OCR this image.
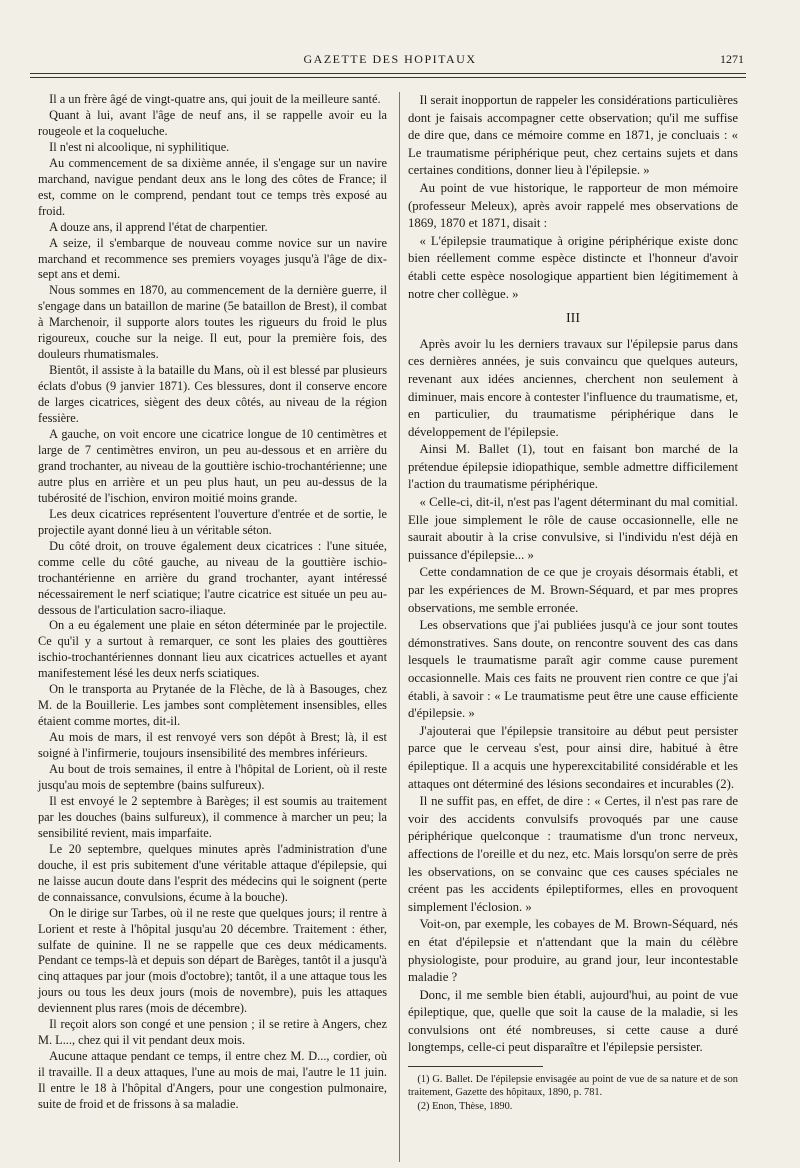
GAZETTE DES HOPITAUX	1271

Il a un frère âgé de vingt-quatre ans, qui jouit de la meilleure santé.

Quant à lui, avant l'âge de neuf ans, il se rappelle avoir eu la rougeole et la coqueluche.

Il n'est ni alcoolique, ni syphilitique.

Au commencement de sa dixième année, il s'engage sur un navire marchand, navigue pendant deux ans le long des côtes de France; il est, comme on le comprend, pendant tout ce temps très exposé au froid.

A douze ans, il apprend l'état de charpentier.

A seize, il s'embarque de nouveau comme novice sur un navire marchand et recommence ses premiers voyages jusqu'à l'âge de dix-sept ans et demi.

Nous sommes en 1870, au commencement de la dernière guerre, il s'engage dans un bataillon de marine (5e bataillon de Brest), il combat à Marchenoir, il supporte alors toutes les rigueurs du froid le plus rigoureux, couche sur la neige. Il eut, pour la première fois, des douleurs rhumatismales.

Bientôt, il assiste à la bataille du Mans, où il est blessé par plusieurs éclats d'obus (9 janvier 1871). Ces blessures, dont il conserve encore de larges cicatrices, siègent des deux côtés, au niveau de la région fessière.

A gauche, on voit encore une cicatrice longue de 10 centimètres et large de 7 centimètres environ, un peu au-dessous et en arrière du grand trochanter, au niveau de la gouttière ischio-trochantérienne; une autre plus en arrière et un peu plus haut, un peu au-dessus de la tubérosité de l'ischion, environ moitié moins grande.

Les deux cicatrices représentent l'ouverture d'entrée et de sortie, le projectile ayant donné lieu à un véritable séton.

Du côté droit, on trouve également deux cicatrices : l'une située, comme celle du côté gauche, au niveau de la gouttière ischio-trochantérienne en arrière du grand trochanter, ayant intéressé nécessairement le nerf sciatique; l'autre cicatrice est située un peu au-dessous de l'articulation sacro-iliaque.

On a eu également une plaie en séton déterminée par le projectile. Ce qu'il y a surtout à remarquer, ce sont les plaies des gouttières ischio-trochantériennes donnant lieu aux cicatrices actuelles et ayant manifestement lésé les deux nerfs sciatiques.

On le transporta au Prytanée de la Flèche, de là à Basouges, chez M. de la Bouillerie. Les jambes sont complètement insensibles, elles étaient comme mortes, dit-il.

Au mois de mars, il est renvoyé vers son dépôt à Brest; là, il est soigné à l'infirmerie, toujours insensibilité des membres inférieurs.

Au bout de trois semaines, il entre à l'hôpital de Lorient, où il reste jusqu'au mois de septembre (bains sulfureux).

Il est envoyé le 2 septembre à Barèges; il est soumis au traitement par les douches (bains sulfureux), il commence à marcher un peu; la sensibilité revient, mais imparfaite.

Le 20 septembre, quelques minutes après l'administration d'une douche, il est pris subitement d'une véritable attaque d'épilepsie, qui ne laisse aucun doute dans l'esprit des médecins qui le soignent (perte de connaissance, convulsions, écume à la bouche).

On le dirige sur Tarbes, où il ne reste que quelques jours; il rentre à Lorient et reste à l'hôpital jusqu'au 20 décembre. Traitement : éther, sulfate de quinine. Il ne se rappelle que ces deux médicaments. Pendant ce temps-là et depuis son départ de Barèges, tantôt il a jusqu'à cinq attaques par jour (mois d'octobre); tantôt, il a une attaque tous les jours ou tous les deux jours (mois de novembre), puis les attaques deviennent plus rares (mois de décembre).

Il reçoit alors son congé et une pension ; il se retire à Angers, chez M. L..., chez qui il vit pendant deux mois.

Aucune attaque pendant ce temps, il entre chez M. D..., cordier, où il travaille. Il a deux attaques, l'une au mois de mai, l'autre le 11 juin. Il entre le 18 à l'hôpital d'Angers, pour une congestion pulmonaire, suite de froid et de frissons à sa maladie.

Il serait inopportun de rappeler les considérations particulières dont je faisais accompagner cette observation; qu'il me suffise de dire que, dans ce mémoire comme en 1871, je concluais : « Le traumatisme périphérique peut, chez certains sujets et dans certaines conditions, donner lieu à l'épilepsie. »

Au point de vue historique, le rapporteur de mon mémoire (professeur Meleux), après avoir rappelé mes observations de 1869, 1870 et 1871, disait :

« L'épilepsie traumatique à origine périphérique existe donc bien réellement comme espèce distincte et l'honneur d'avoir établi cette espèce nosologique appartient bien légitimement à notre cher collègue. »

III

Après avoir lu les derniers travaux sur l'épilepsie parus dans ces dernières années, je suis convaincu que quelques auteurs, revenant aux idées anciennes, cherchent non seulement à diminuer, mais encore à contester l'influence du traumatisme, et, en particulier, du traumatisme périphérique dans le développement de l'épilepsie.

Ainsi M. Ballet (1), tout en faisant bon marché de la prétendue épilepsie idiopathique, semble admettre difficilement l'action du traumatisme périphérique.

« Celle-ci, dit-il, n'est pas l'agent déterminant du mal comitial. Elle joue simplement le rôle de cause occasionnelle, elle ne saurait aboutir à la crise convulsive, si l'individu n'est déjà en puissance d'épilepsie... »

Cette condamnation de ce que je croyais désormais établi, et par les expériences de M. Brown-Séquard, et par mes propres observations, me semble erronée.

Les observations que j'ai publiées jusqu'à ce jour sont toutes démonstratives. Sans doute, on rencontre souvent des cas dans lesquels le traumatisme paraît agir comme cause purement occasionnelle. Mais ces faits ne prouvent rien contre ce que j'ai établi, à savoir : « Le traumatisme peut être une cause efficiente d'épilepsie. »

J'ajouterai que l'épilepsie transitoire au début peut persister parce que le cerveau s'est, pour ainsi dire, habitué à être épileptique. Il a acquis une hyperexcitabilité considérable et les attaques ont déterminé des lésions secondaires et incurables (2).

Il ne suffit pas, en effet, de dire : « Certes, il n'est pas rare de voir des accidents convulsifs provoqués par une cause périphérique quelconque : traumatisme d'un tronc nerveux, affections de l'oreille et du nez, etc. Mais lorsqu'on serre de près les observations, on se convainc que ces causes spéciales ne créent pas les accidents épileptiformes, elles en provoquent simplement l'éclosion. »

Voit-on, par exemple, les cobayes de M. Brown-Séquard, nés en état d'épilepsie et n'attendant que la main du célèbre physiologiste, pour produire, au grand jour, leur incontestable maladie ?

Donc, il me semble bien établi, aujourd'hui, au point de vue épileptique, que, quelle que soit la cause de la maladie, si les convulsions ont été nombreuses, si cette cause a duré longtemps, celle-ci peut disparaître et l'épilepsie persister.

(1) G. Ballet. De l'épilepsie envisagée au point de vue de sa nature et de son traitement, Gazette des hôpitaux, 1890, p. 781.

(2) Enon, Thèse, 1890.
